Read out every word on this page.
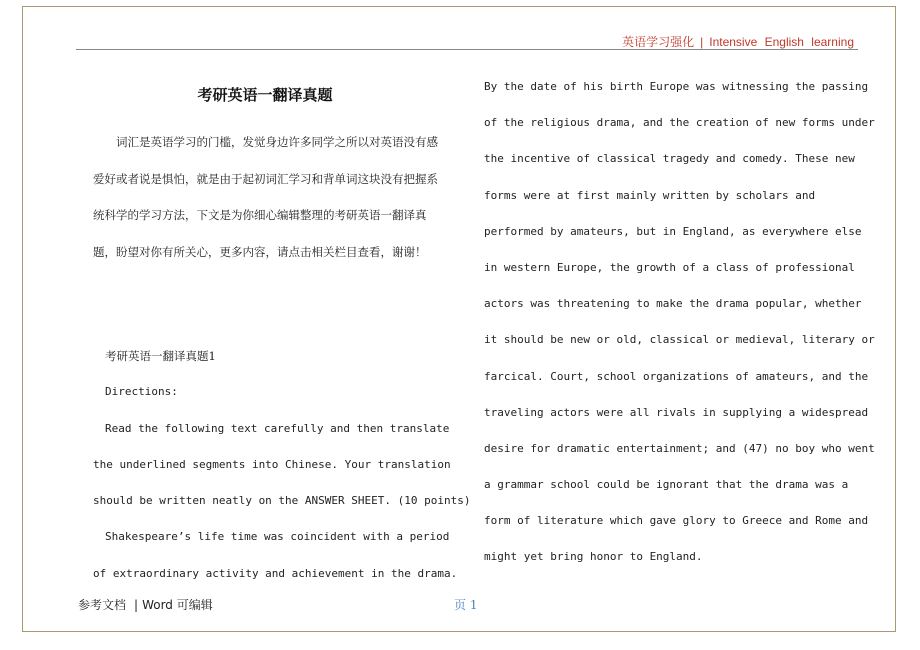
英语学习强化 | Intensive English learning
考研英语一翻译真题

词汇是英语学习的门槛，发觉身边许多同学之所以对英语没有感爱好或者说是惧怕，就是由于起初词汇学习和背单词这块没有把握系统科学的学习方法，下文是为你细心编辑整理的考研英语一翻译真题，盼望对你有所关心，更多内容，请点击相关栏目查看，谢谢！

考研英语一翻译真题1
Directions:
Read the following text carefully and then translate
the underlined segments into Chinese. Your translation
should be written neatly on the ANSWER SHEET. (10 points)
Shakespeare’s life time was coincident with a period
of extraordinary activity and achievement in the drama.
By the date of his birth Europe was witnessing the passing
of the religious drama, and the creation of new forms under
the incentive of classical tragedy and comedy. These new
forms were at first mainly written by scholars and
performed by amateurs, but in England, as everywhere else
in western Europe, the growth of a class of professional
actors was threatening to make the drama popular, whether
it should be new or old, classical or medieval, literary or
farcical. Court, school organizations of amateurs, and the
traveling actors were all rivals in supplying a widespread
desire for dramatic entertainment; and (47) no boy who went
a grammar school could be ignorant that the drama was a
form of literature which gave glory to Greece and Rome and
might yet bring honor to England.
参考文档 | Word 可编辑	页 1
